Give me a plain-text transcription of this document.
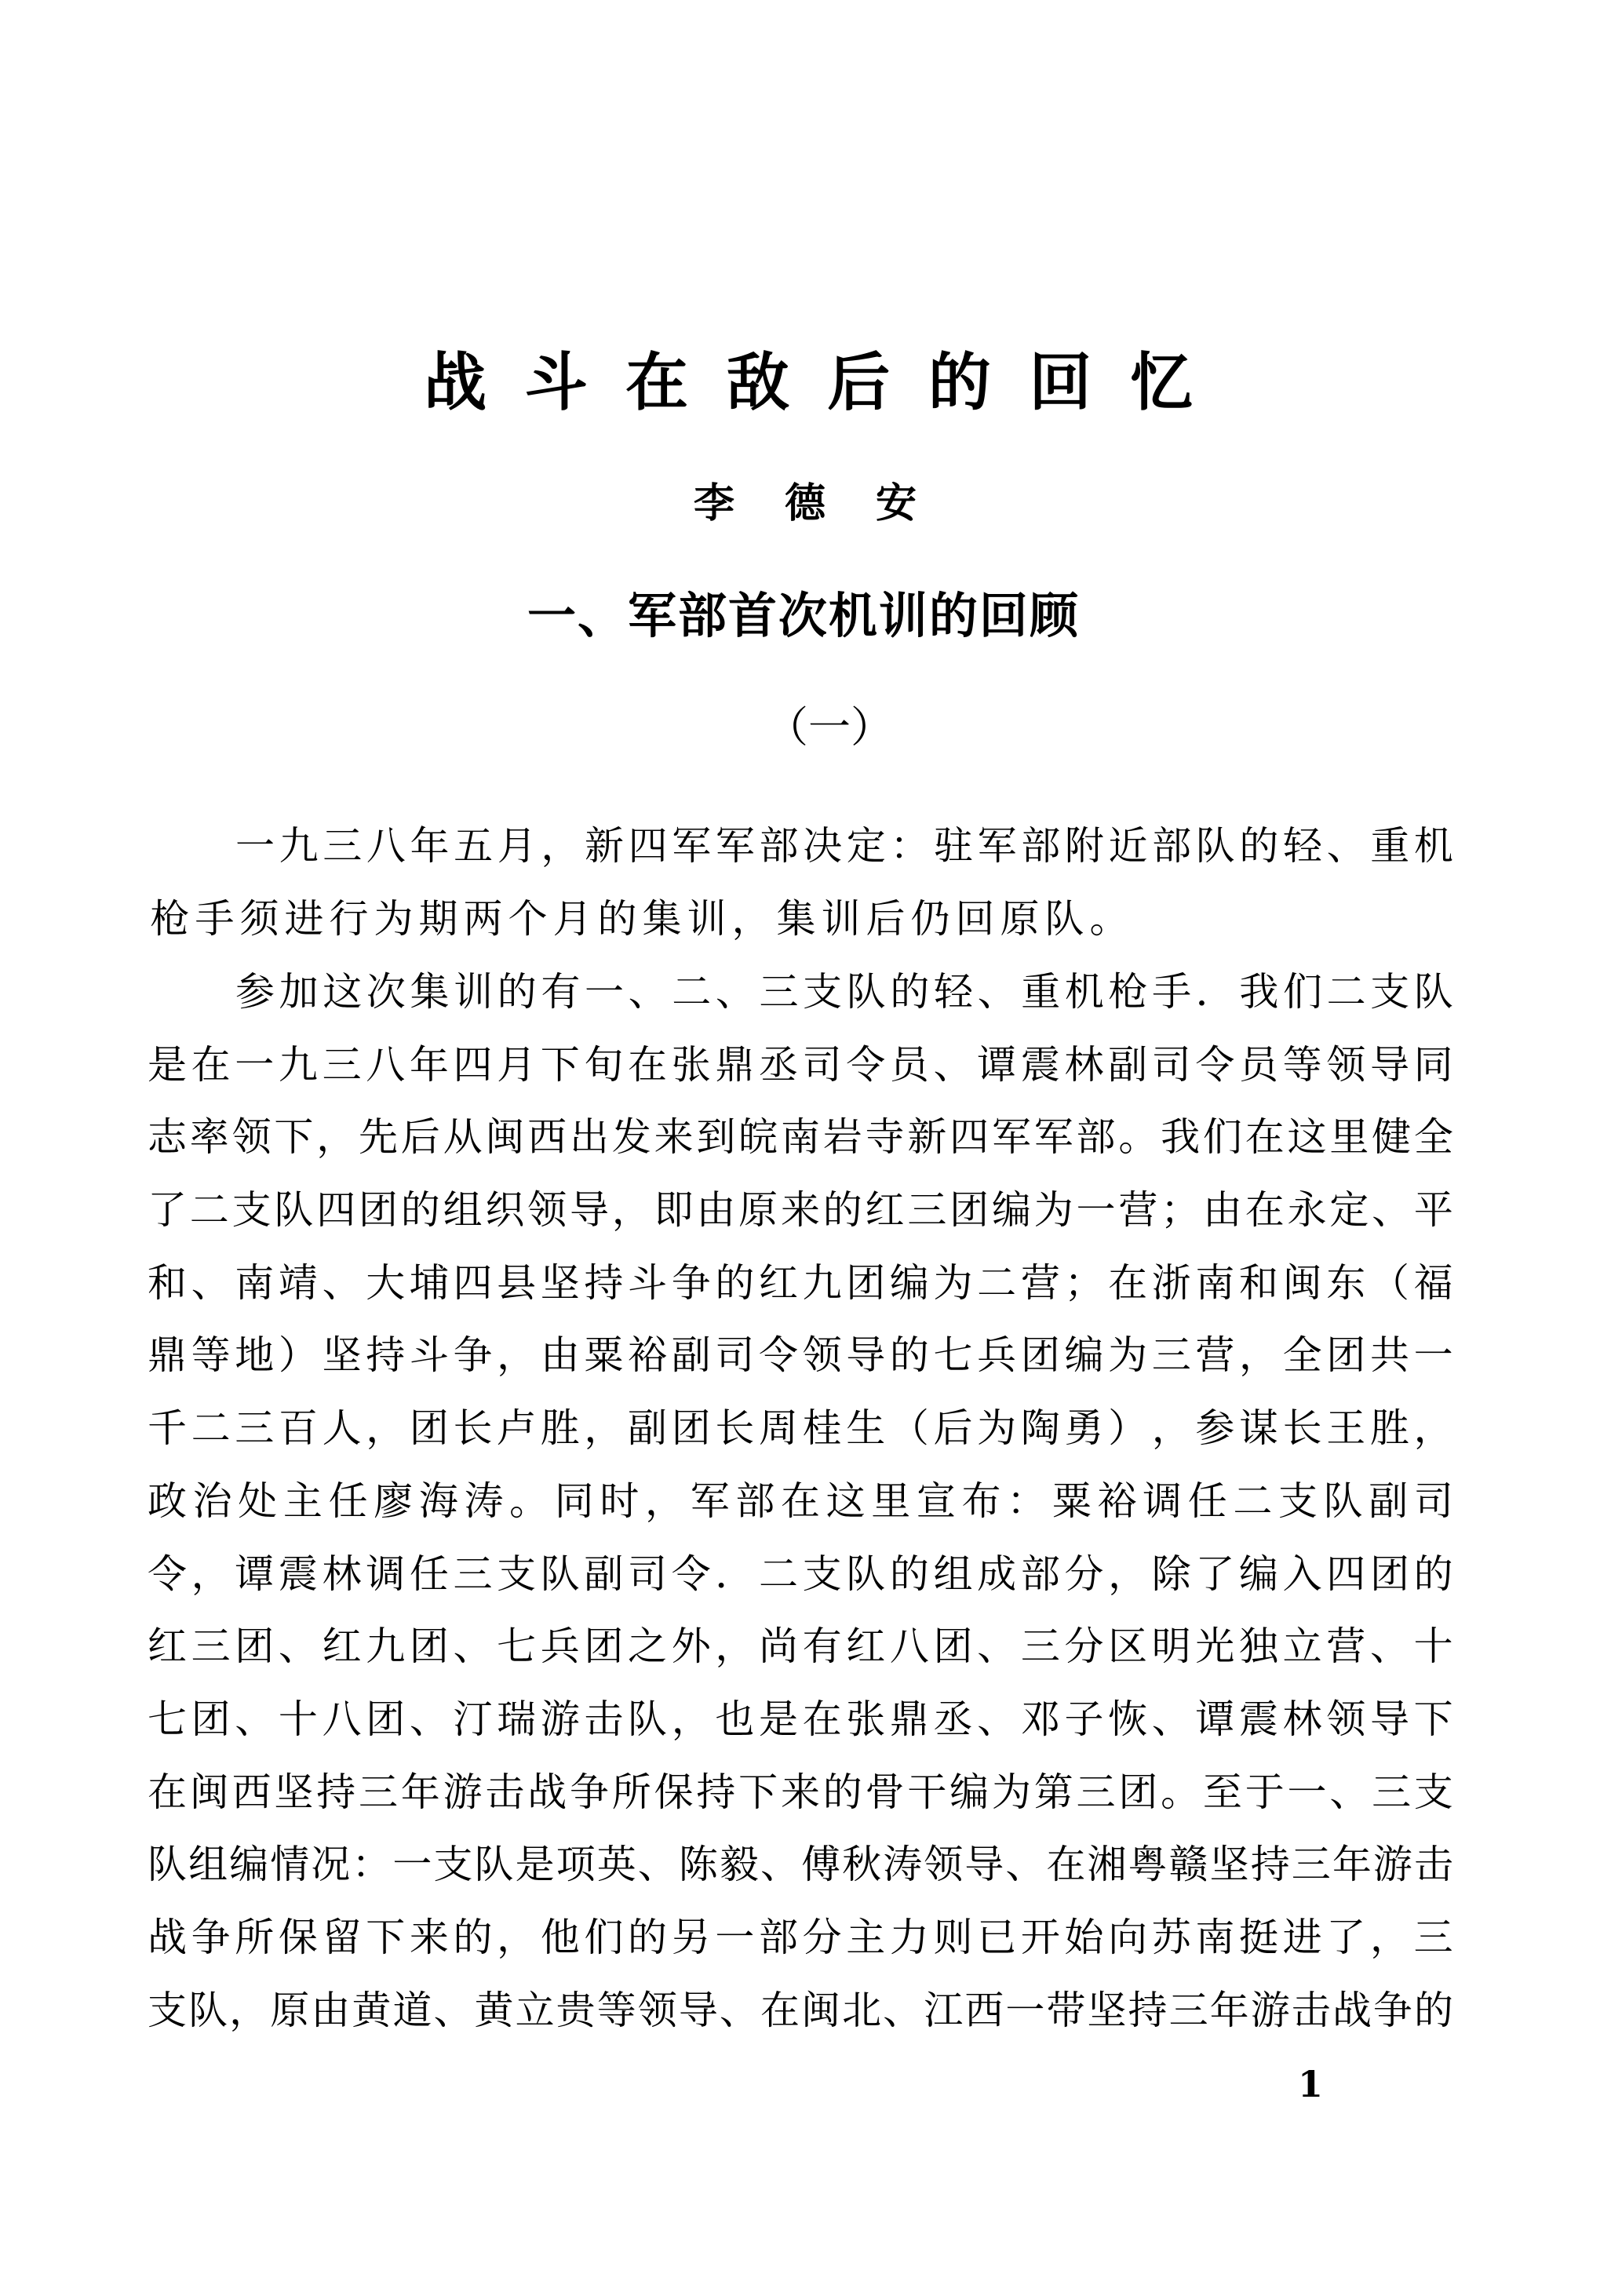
战 斗 在 敌 后 的 回 忆
李 德 安
一 、 军 部 首 次 机 训 的 回 顾
（ 一 ）
一 九 三 八 年 五 月 ， 新 四 军 军 部 决 定 ： 驻 军 部 附 近 部 队 的 轻 、 重 机
枪 手 须 进 行 为 期 两 个 月 的 集 训 ， 集 训 后 仍 回 原 队 。
参 加 这 次 集 训 的 有 一 、 二 、 三 支 队 的 轻 、 重 机 枪 手 ． 我 们 二 支 队
是 在 一 九 三 八 年 四 月 下 旬 在 张 鼎 丞 司 令 员 、 谭 震 林 副 司 令 员 等 领 导 同
志 率 领 下 ， 先 后 从 闽 西 出 发 来 到 皖 南 岩 寺 新 四 军 军 部 。 我 们 在 这 里 健 全
了 二 支 队 四 团 的 组 织 领 导 ， 即 由 原 来 的 红 三 团 编 为 一 营 ； 由 在 永 定 、 平
和 、 南 靖 、 大 埔 四 县 坚 持 斗 争 的 红 九 团 编 为 二 营 ； 在 浙 南 和 闽 东 （ 福
鼎 等 地 ） 坚 持 斗 争 ， 由 粟 裕 副 司 令 领 导 的 七 兵 团 编 为 三 营 ， 全 团 共 一
千 二 三 百 人 ， 团 长 卢 胜 ， 副 团 长 周 桂 生 （ 后 为 陶 勇 ） ， 参 谋 长 王 胜 ，
政 治 处 主 任 廖 海 涛 。 同 时 ， 军 部 在 这 里 宣 布 ： 粟 裕 调 任 二 支 队 副 司
令 ， 谭 震 林 调 任 三 支 队 副 司 令 ． 二 支 队 的 组 成 部 分 ， 除 了 编 入 四 团 的
红 三 团 、 红 九 团 、 七 兵 团 之 外 ， 尚 有 红 八 团 、 三 分 区 明 光 独 立 营 、 十
七 团 、 十 八 团 、 汀 瑞 游 击 队 ， 也 是 在 张 鼎 丞 、 邓 子 恢 、 谭 震 林 领 导 下
在 闽 西 坚 持 三 年 游 击 战 争 所 保 持 下 来 的 骨 干 编 为 第 三 团 。 至 于 一 、 三 支
队 组 编 情 况 ： 一 支 队 是 项 英 、 陈 毅 、 傅 秋 涛 领 导 、 在 湘 粤 赣 坚 持 三 年 游 击
战 争 所 保 留 下 来 的 ， 他 们 的 另 一 部 分 主 力 则 已 开 始 向 苏 南 挺 进 了 ， 三
支 队 ， 原 由 黄 道 、 黄 立 贵 等 领 导 、 在 闽 北 、 江 西 一 带 坚 持 三 年 游 击 战 争 的
1
